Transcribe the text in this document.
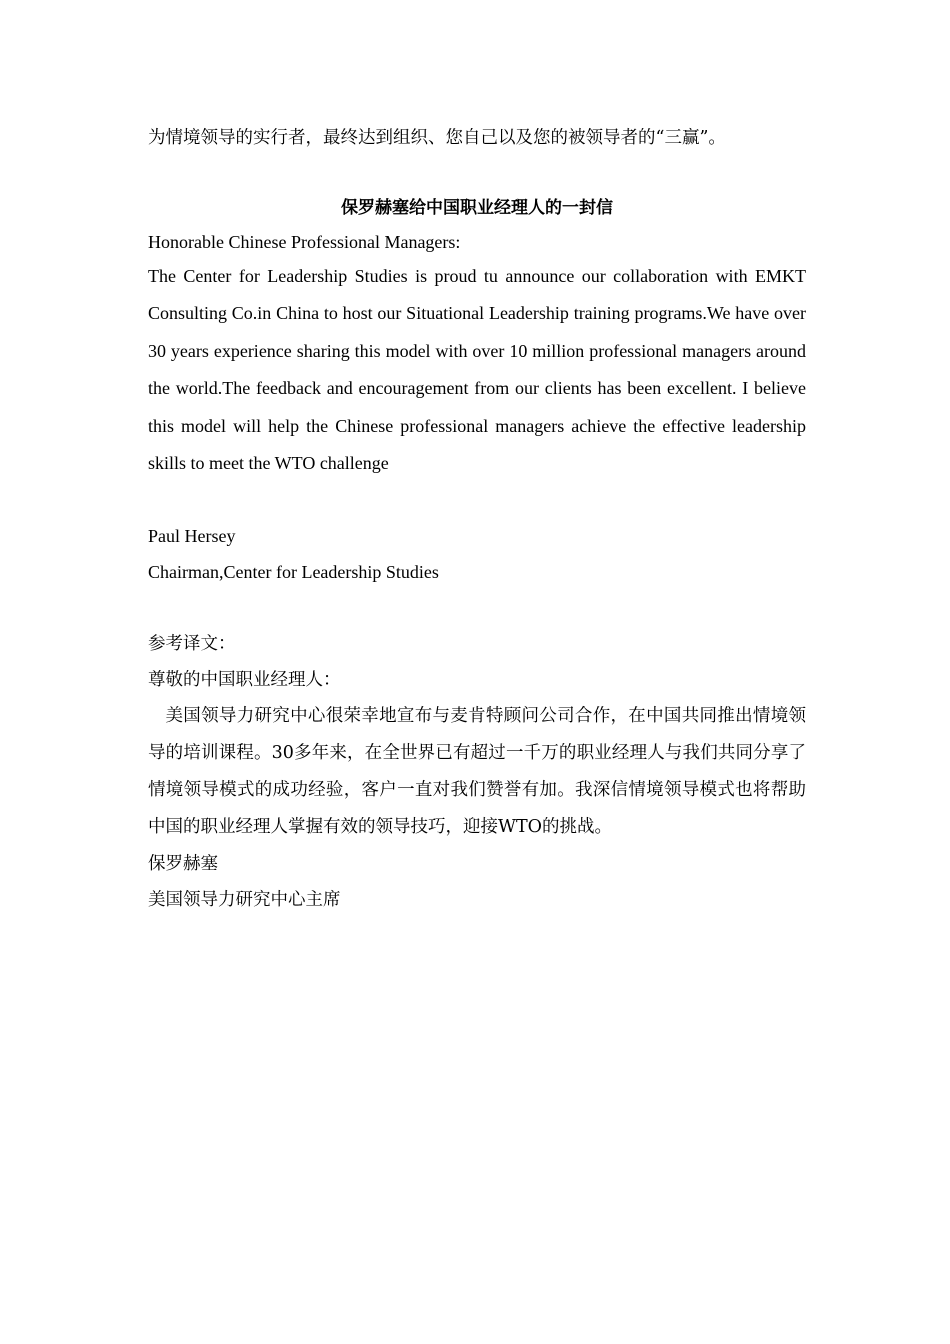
为情境领导的实行者，最终达到组织、您自己以及您的被领导者的“三赢”。

保罗赫塞给中国职业经理人的一封信

Honorable Chinese Professional Managers:

The Center for Leadership Studies is proud tu announce our collaboration with EMKT Consulting Co.in China to host our Situational Leadership training programs.We have over 30 years experience sharing this model with over 10 million professional managers around the world.The feedback and encouragement from our clients has been excellent. I believe this model will help the Chinese professional managers achieve the effective leadership skills to meet the WTO challenge

Paul Hersey

Chairman,Center for Leadership Studies

参考译文：

尊敬的中国职业经理人：

美国领导力研究中心很荣幸地宣布与麦肯特顾问公司合作，在中国共同推出情境领导的培训课程。30多年来，在全世界已有超过一千万的职业经理人与我们共同分享了情境领导模式的成功经验，客户一直对我们赞誉有加。我深信情境领导模式也将帮助中国的职业经理人掌握有效的领导技巧，迎接WTO的挑战。

保罗赫塞

美国领导力研究中心主席
